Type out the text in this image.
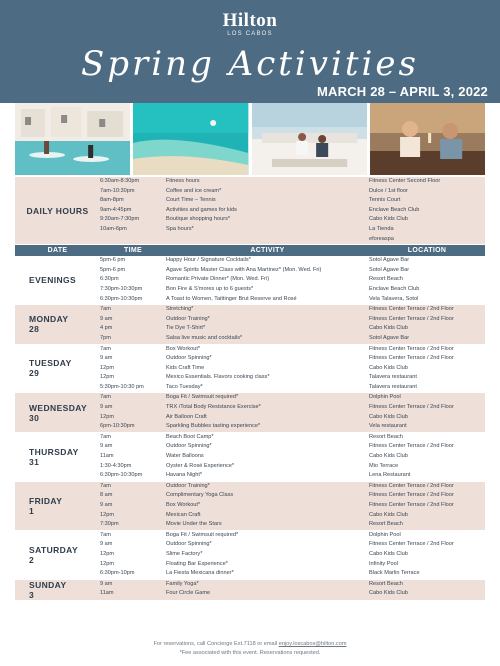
Hilton
LOS CABOS
Spring Activities
MARCH 28 – APRIL 3, 2022
DAILY HOURS
6:30am-8:30pm	Fitness hours	Fitness Center Second Floor
7am-10:30pm	Coffee and ice cream*	Dulce / 1st floor
8am-8pm	Court Time – Tennis	Tennis Court
9am-4:45pm	Activities and games for kids	Enclave Beach Club
9:30am-7:30pm	Boutique shopping hours*	Cabo Kids Club
10am-6pm	Spa hours*	La Tienda
eforeaspa
DATE	TIME	ACTIVITY	LOCATION
EVENINGS
5pm-6 pm	Happy Hour / Signature Cocktails*	Sotol Agave Bar
5pm-6 pm	Agave Spirits Master Class with Ana Martinez* (Mon. Wed. Fri)	Sotol Agave Bar
6:30pm	Romantic Private Dinner* (Mon. Wed. Fri)	Resort Beach
7:30pm-10:30pm	Bon Fire & S'mores up to 6 guests*	Enclave Beach Club
6:30pm-10:30pm	A Toast to Women, Taittinger Brut Reserve and Rosé	Vela Talavera, Sotol
MONDAY
28
7am	Stretching*	Fitness Center Terrace / 2nd Floor
9 am	Outdoor Training*	Fitness Center Terrace / 2nd Floor
4 pm	Tie Dye T-Shirt*	Cabo Kids Club
7pm	Salsa live music and cocktails*	Sotol Agave Bar
TUESDAY
29
7am	Box Workout*	Fitness Center Terrace / 2nd Floor
9 am	Outdoor Spinning*	Fitness Center Terrace / 2nd Floor
12pm	Kids Craft Time	Cabo Kids Club
12pm	Mexico Essentials. Flavors cooking class*	Talavera restaurant
5:30pm-10:30 pm	Taco Tuesday*	Talavera restaurant
WEDNESDAY
30
7am	Boga Fit / Swimsuit required*	Dolphin Pool
9 am	TRX /Total Body Resistance Exercise*	Fitness Center Terrace / 2nd Floor
12pm	Air Balloon Craft	Cabo Kids Club
6pm-10:30pm	Sparkling Bubbles tasting experience*	Vela restaurant
THURSDAY
31
7am	Beach Boot Camp*	Resort Beach
9 am	Outdoor Spinning*	Fitness Center Terrace / 2nd Floor
11am	Water Balloons	Cabo Kids Club
1:30-4:30pm	Oyster & Rosé Experience*	Mio Terrace
6:30pm-10:30pm	Havana Night*	Lena Restaurant
FRIDAY
1
7am	Outdoor Training*	Fitness Center Terrace / 2nd Floor
8 am	Complimentary Yoga Class	Fitness Center Terrace / 2nd Floor
9 am	Box Workout*	Fitness Center Terrace / 2nd Floor
12pm	Mexican Craft	Cabo Kids Club
7:30pm	Movie Under the Stars	Resort Beach
SATURDAY
2
7am	Boga Fit / Swimsuit required*	Dolphin Pool
9 am	Outdoor Spinning*	Fitness Center Terrace / 2nd Floor
12pm	Slime Factory*	Cabo Kids Club
12pm	Floating Bar Experience*	Infinity Pool
6:30pm-10pm	La Fiesta Mexicana dinner*	Black Marlin Terrace
SUNDAY
3
9 am	Family Yoga*	Resort Beach
11am	Four Circle Game	Cabo Kids Club
For reservations, call Concierge Ext.7118 or email enjoy.loscabos@hilton.com
*Fee associated with this event. Reservations requested.
